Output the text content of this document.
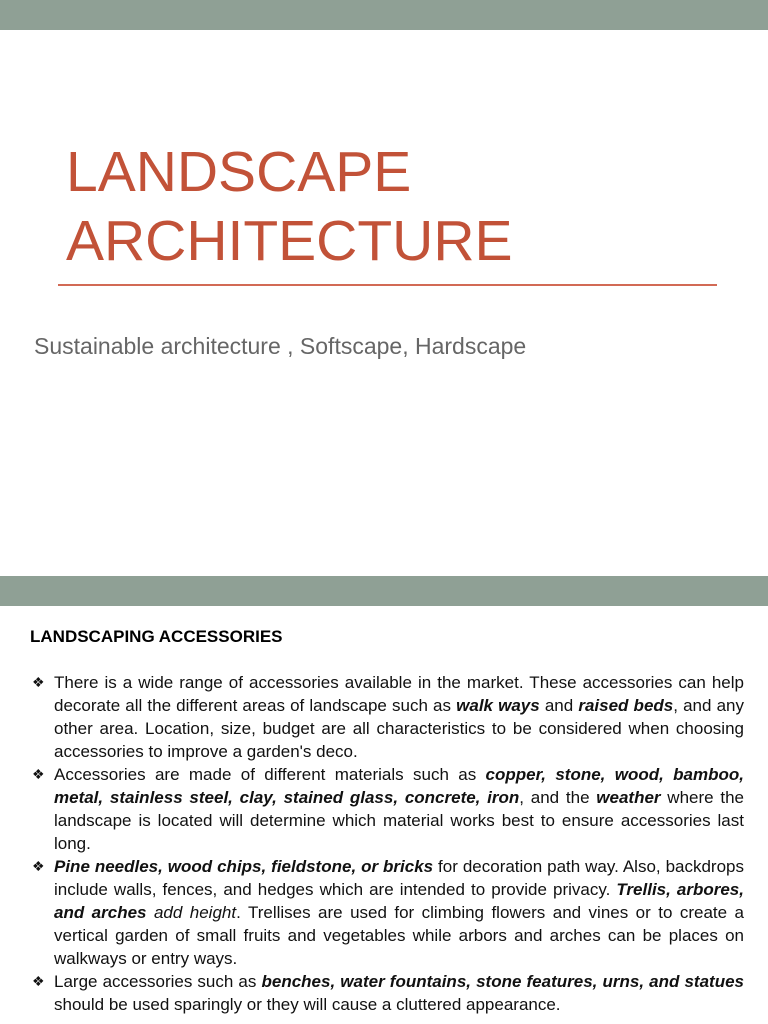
LANDSCAPE
ARCHITECTURE
Sustainable architecture , Softscape, Hardscape
LANDSCAPING ACCESSORIES
❖ There is a wide range of accessories available in the market. These accessories can help decorate all the different areas of landscape such as walk ways and raised beds, and any other area. Location, size, budget are all characteristics to be considered when choosing accessories to improve a garden's deco.
❖ Accessories are made of different materials such as copper, stone, wood, bamboo, metal, stainless steel, clay, stained glass, concrete, iron, and the weather where the landscape is located will determine which material works best to ensure accessories last long.
❖ Pine needles, wood chips, fieldstone, or bricks for decoration path way. Also, backdrops include walls, fences, and hedges which are intended to provide privacy. Trellis, arbores, and arches add height. Trellises are used for climbing flowers and vines or to create a vertical garden of small fruits and vegetables while arbors and arches can be places on walkways or entry ways.
❖ Large accessories such as benches, water fountains, stone features, urns, and statues should be used sparingly or they will cause a cluttered appearance.
